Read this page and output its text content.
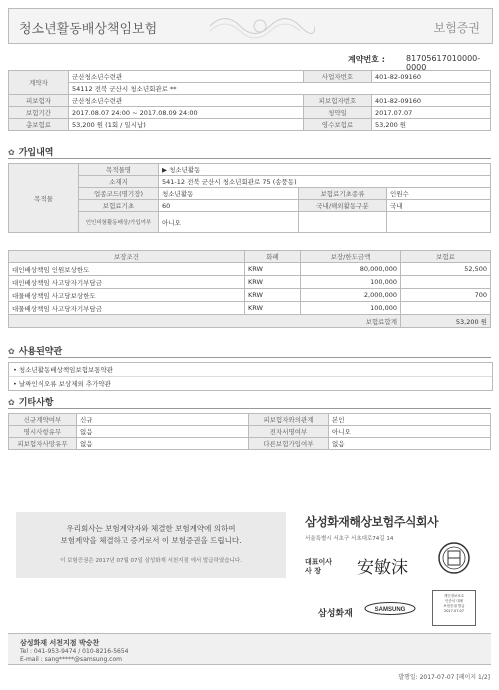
청소년활동배상책임보험	보험증권
계약번호 :	81705617010000-0000
계약자	군산청소년수련관	사업자번호	401-82-09160
	54112 전북 군산시 청소년회관로 **		
피보험자	군산청소년수련관	피보험자번호	401-82-09160
보험기간	2017.08.07 24:00 ~ 2017.08.09 24:00	청약일	2017.07.07
총보험료	53,200 원 (1회 / 일시납)	영수보험료	53,200 원
✿ 가입내역
목적물	목적물명	▶ 청소년활동		
	소재지	541-12 전북 군산시 청소년회관로 75 (송풍동)		
	업종코드(명기장)	청소년활동	보험료기초종류	인원수
	보험료기초	60	국내/해외활동구분	국내
	인인비험활동배상/가입여부	아니오		
보장조건	화폐	보장/한도금액	보험료
대인배상책임 인원보상한도	KRW	80,000,000	52,500
대인배상책임 사고당자기부담금	KRW	100,000	
대물배상책임 사고당보상한도	KRW	2,000,000	700
대물배상책임 사고당자기부담금	KRW	100,000	
보험료합계			53,200 원
✿ 사용된약관
• 청소년활동배상책임보험보통약관
• 날짜인식오류 보상제외 추가약관
✿ 기타사항
신규계약여부	신규	피보험자와의관계	본인
명시사항유무	없음	전자서명여부	아니오
피보험자사망유무	없음	다른보험가입여부	없음
우리회사는 보험계약자와 체결한 보험계약에 의하여
보험계약을 체결하고 증거로서 이 보험증권을 드립니다.
이 보험증권은 2017년 07월 07일 삼성화재 서천지점 에서 발급하였습니다.
삼성화재해상보험주식회사
서울특별시 서초구 서초대로74길 14
대표이사
사 장	安敏沫
삼성화재	SAMSUNG
개인정보보호
인증서 대체
보험증권 발급
2017.07.07
삼성화재 서천지점 박승찬
Tel : 041-953-9474 / 010-8216-5654
E-mail : sang*****@samsung.com
발행일: 2017-07-07 [페이지 1/2]
